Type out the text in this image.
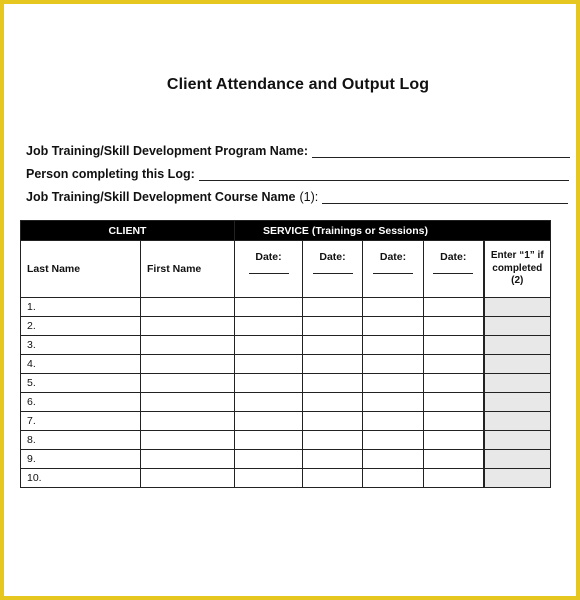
Client Attendance and Output Log
Job Training/Skill Development Program Name:
Person completing this Log:
Job Training/Skill Development Course Name (1):
CLIENT		SERVICE (Trainings or Sessions)				
Last Name	First Name	Date:	Date:	Date:	Date:	Enter “1” if
completed
(2)
1.						
2.						
3.						
4.						
5.						
6.						
7.						
8.						
9.						
10.						
